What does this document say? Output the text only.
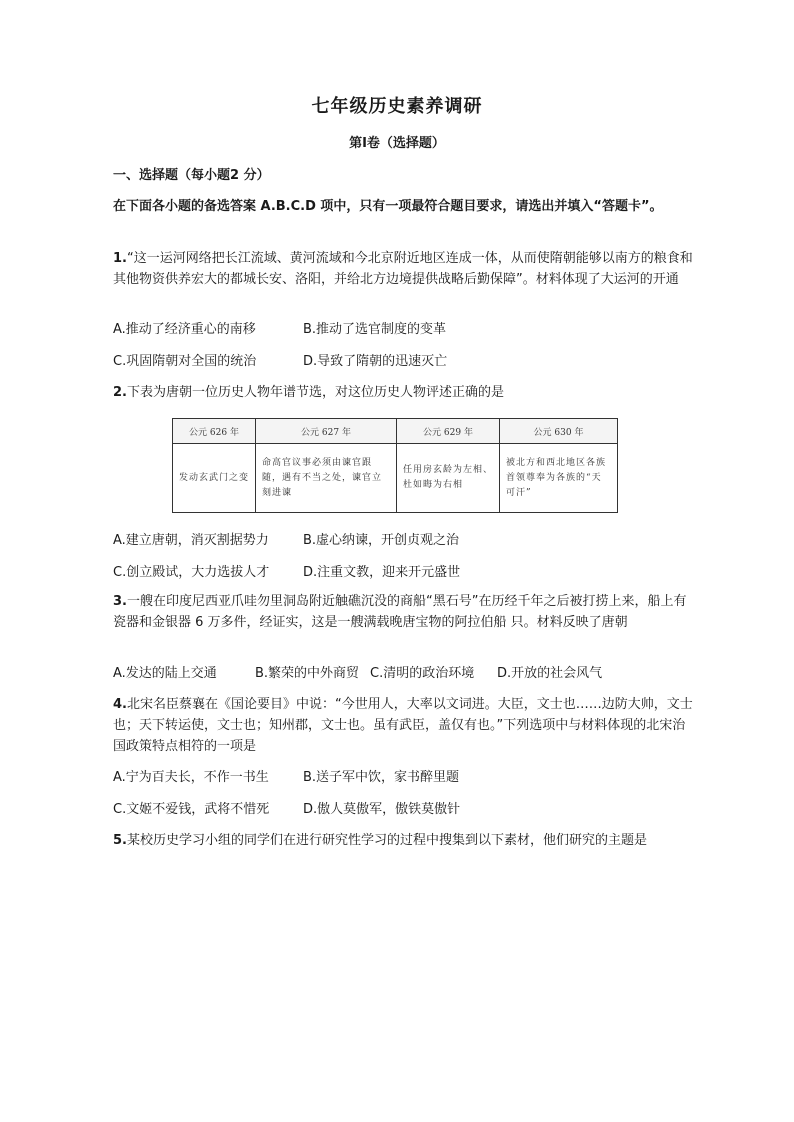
七年级历史素养调研
第Ⅰ卷（选择题）
一、选择题（每小题2 分）
在下面各小题的备选答案 A.B.C.D 项中，只有一项最符合题目要求，请选出并填入“答题卡”。
1.“这一运河网络把长江流域、黄河流域和今北京附近地区连成一体，从而使隋朝能够以南方的粮食和其他物资供养宏大的都城长安、洛阳，并给北方边境提供战略后勤保障”。材料体现了大运河的开通
A.推动了经济重心的南移	B.推动了选官制度的变革
C.巩固隋朝对全国的统治	D.导致了隋朝的迅速灭亡
2.下表为唐朝一位历史人物年谱节选，对这位历史人物评述正确的是
公元 626 年	公元 627 年	公元 629 年	公元 630 年
发动玄武门之变	命高官议事必须由谏官跟随，遇有不当之处，谏官立刻进谏	任用房玄龄为左相、杜如晦为右相	被北方和西北地区各族首领尊奉为各族的“天可汗”
A.建立唐朝，消灭割据势力	B.虚心纳谏，开创贞观之治
C.创立殿试，大力选拔人才	D.注重文教，迎来开元盛世
3.一艘在印度尼西亚爪哇勿里洞岛附近触礁沉没的商船“黑石号”在历经千年之后被打捞上来，船上有瓷器和金银器 6 万多件，经证实，这是一艘满载晚唐宝物的阿拉伯船 只。材料反映了唐朝
A.发达的陆上交通	B.繁荣的中外商贸 C.清明的政治环境 D.开放的社会风气
4.北宋名臣蔡襄在《国论要目》中说：“今世用人，大率以文词进。大臣，文士也……边防大帅，文士也；天下转运使，文士也；知州郡，文士也。虽有武臣，盖仅有也。”下列选项中与材料体现的北宋治国政策特点相符的一项是
A.宁为百夫长，不作一书生	B.送子军中饮，家书醉里题
C.文姬不爱钱，武将不惜死	D.傲人莫傲军，傲铁莫傲针
5.某校历史学习小组的同学们在进行研究性学习的过程中搜集到以下素材，他们研究的主题是
